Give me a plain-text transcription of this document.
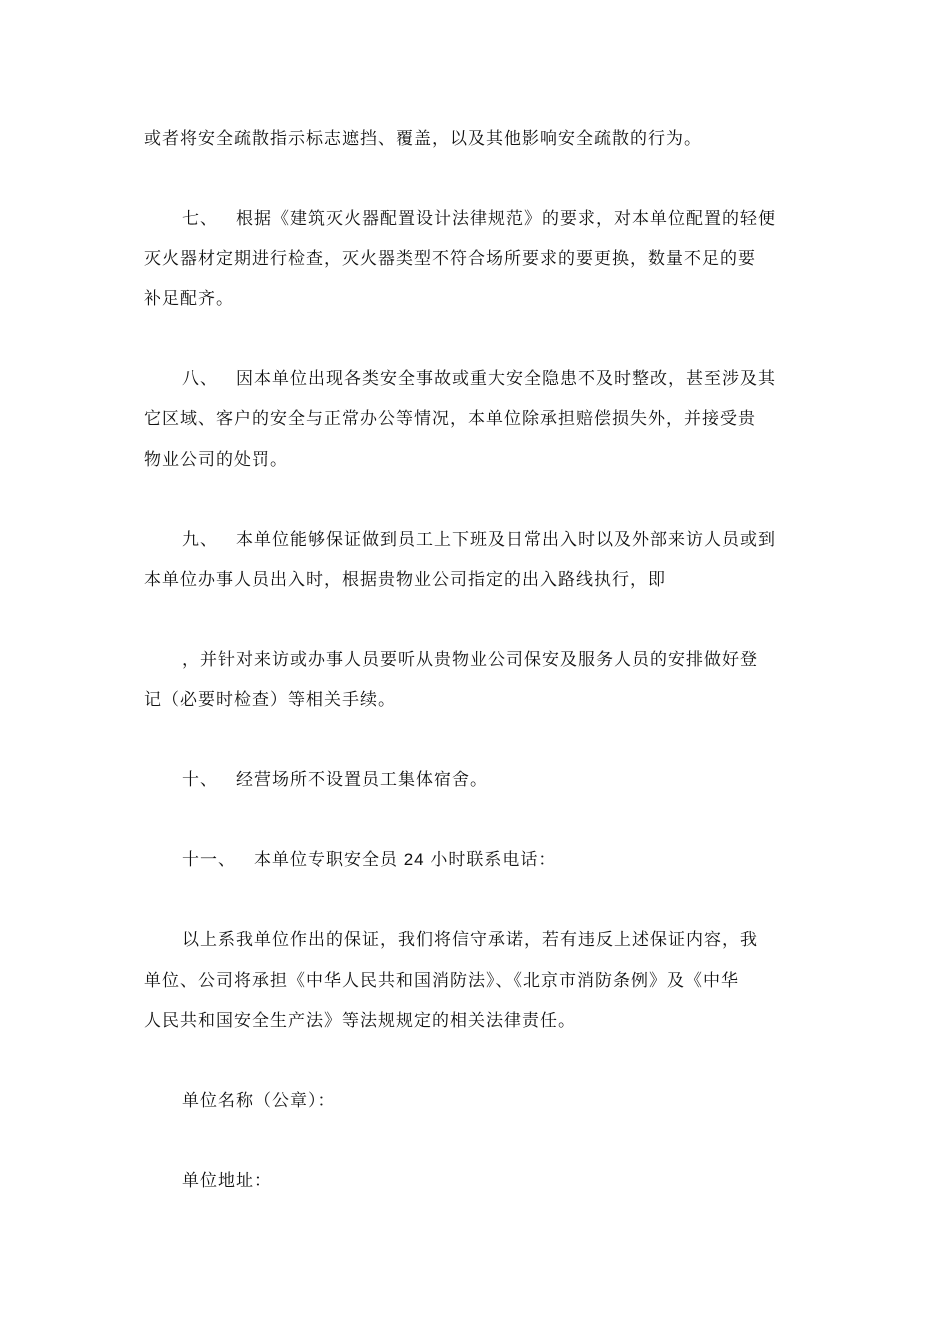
或者将安全疏散指示标志遮挡、覆盖，以及其他影响安全疏散的行为。
七、 根据《建筑灭火器配置设计法律规范》的要求，对本单位配置的轻便
灭火器材定期进行检查，灭火器类型不符合场所要求的要更换，数量不足的要
补足配齐。
八、 因本单位出现各类安全事故或重大安全隐患不及时整改，甚至涉及其
它区域、客户的安全与正常办公等情况，本单位除承担赔偿损失外，并接受贵
物业公司的处罚。
九、 本单位能够保证做到员工上下班及日常出入时以及外部来访人员或到
本单位办事人员出入时，根据贵物业公司指定的出入路线执行，即
，并针对来访或办事人员要听从贵物业公司保安及服务人员的安排做好登
记（必要时检查）等相关手续。
十、 经营场所不设置员工集体宿舍。
十一、 本单位专职安全员 24 小时联系电话：
以上系我单位作出的保证，我们将信守承诺，若有违反上述保证内容，我
单位、公司将承担《中华人民共和国消防法》、《北京市消防条例》及《中华
人民共和国安全生产法》等法规规定的相关法律责任。
单位名称（公章）：
单位地址：
